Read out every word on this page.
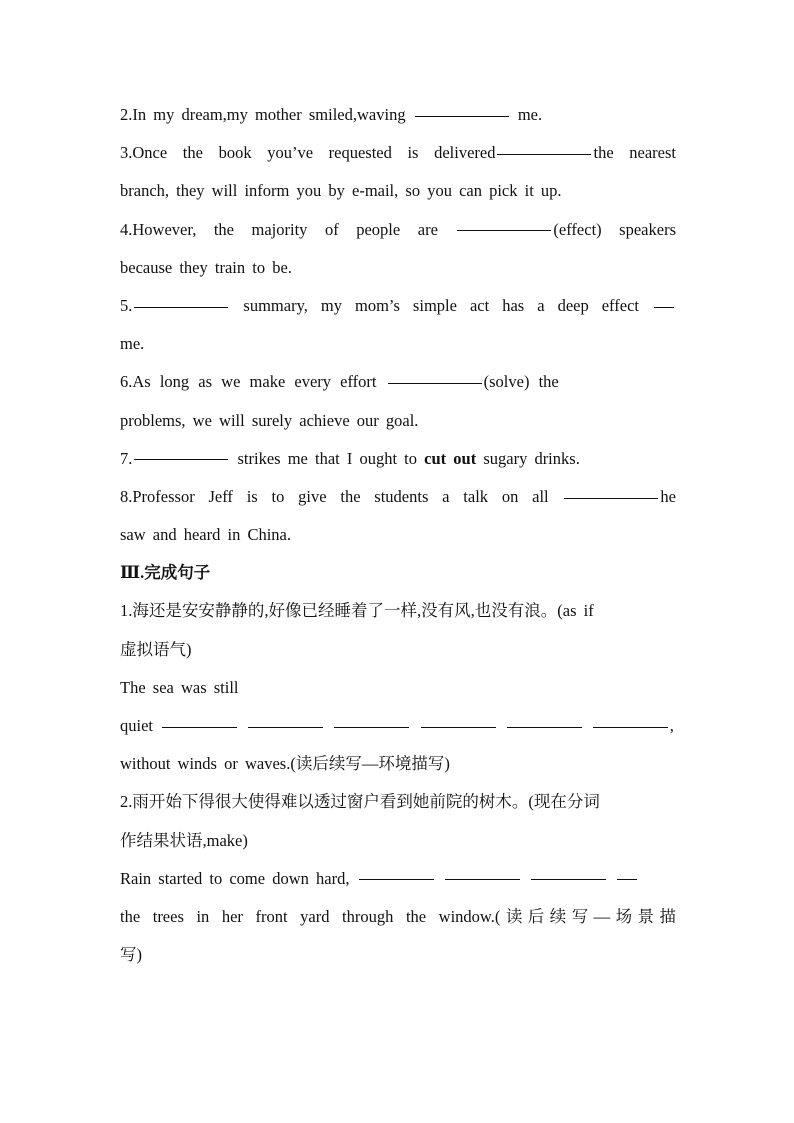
2.In my dream,my mother smiled,waving	me.
3.Once the book you’ve requested is delivered	the nearest
branch, they will inform you by e-mail, so you can pick it up.
4.However, the majority of people are	(effect) speakers
because they train to be.
5.	summary, my mom’s simple act has a deep effect
me.
6.As long as we make every effort	(solve) the
problems, we will surely achieve our goal.
7.	strikes me that I ought to cut out sugary drinks.
8.Professor Jeff is to give the students a talk on all	he
saw and heard in China.
Ⅲ.完成句子
1.海还是安安静静的,好像已经睡着了一样,没有风,也没有浪。(as if
虚拟语气)
The sea was still
quiet	,
without winds or waves.(读后续写—环境描写)
2.雨开始下得很大使得难以透过窗户看到她前院的树木。(现在分词
作结果状语,make)
Rain started to come down hard,
the trees in her front yard through the window.(读后续写—场景描
写)
